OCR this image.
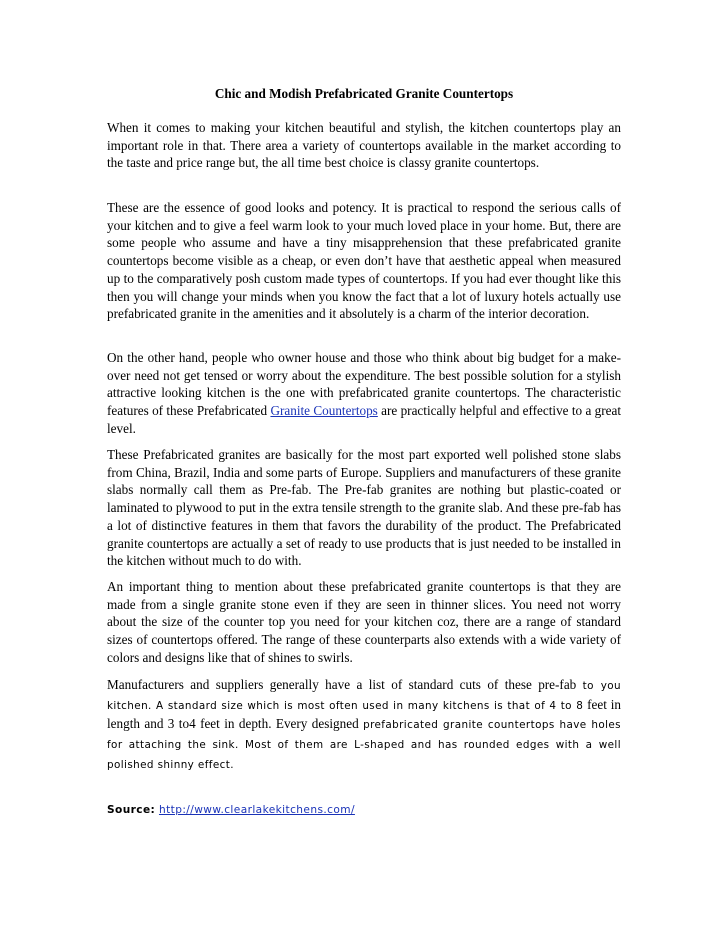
Chic and Modish Prefabricated Granite Countertops

When it comes to making your kitchen beautiful and stylish, the kitchen countertops play an important role in that. There area a variety of countertops available in the market according to the taste and price range but, the all time best choice is classy granite countertops.

These are the essence of good looks and potency. It is practical to respond the serious calls of your kitchen and to give a feel warm look to your much loved place in your home. But, there are some people who assume and have a tiny misapprehension that these prefabricated granite countertops become visible as a cheap, or even don’t have that aesthetic appeal when measured up to the comparatively posh custom made types of countertops. If you had ever thought like this then you will change your minds when you know the fact that a lot of luxury hotels actually use prefabricated granite in the amenities and it absolutely is a charm of the interior decoration.

On the other hand, people who owner house and those who think about big budget for a make-over need not get tensed or worry about the expenditure. The best possible solution for a stylish attractive looking kitchen is the one with prefabricated granite countertops. The characteristic features of these Prefabricated Granite Countertops are practically helpful and effective to a great level.

These Prefabricated granites are basically for the most part exported well polished stone slabs from China, Brazil, India and some parts of Europe. Suppliers and manufacturers of these granite slabs normally call them as Pre-fab. The Pre-fab granites are nothing but plastic-coated or laminated to plywood to put in the extra tensile strength to the granite slab. And these pre-fab has a lot of distinctive features in them that favors the durability of the product. The Prefabricated granite countertops are actually a set of ready to use products that is just needed to be installed in the kitchen without much to do with.

An important thing to mention about these prefabricated granite countertops is that they are made from a single granite stone even if they are seen in thinner slices. You need not worry about the size of the counter top you need for your kitchen coz, there are a range of standard sizes of countertops offered. The range of these counterparts also extends with a wide variety of colors and designs like that of shines to swirls.

Manufacturers and suppliers generally have a list of standard cuts of these pre-fab to you kitchen. A standard size which is most often used in many kitchens is that of 4 to 8 feet in length and 3 to4 feet in depth. Every designed prefabricated granite countertops have holes for attaching the sink. Most of them are L-shaped and has rounded edges with a well polished shinny effect.

Source: http://www.clearlakekitchens.com/
